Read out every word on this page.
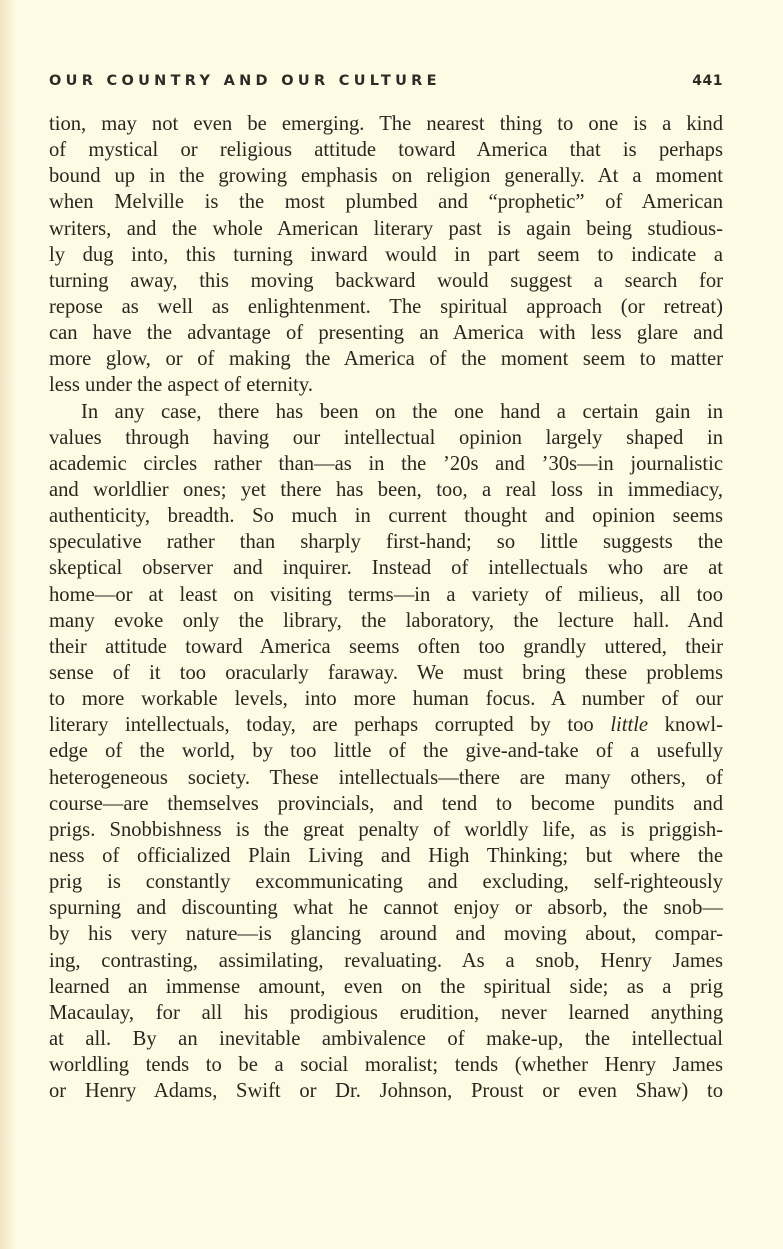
OUR COUNTRY AND OUR CULTURE	441
tion, may not even be emerging. The nearest thing to one is a kind
of mystical or religious attitude toward America that is perhaps
bound up in the growing emphasis on religion generally. At a moment
when Melville is the most plumbed and “prophetic” of American
writers, and the whole American literary past is again being studious-
ly dug into, this turning inward would in part seem to indicate a
turning away, this moving backward would suggest a search for
repose as well as enlightenment. The spiritual approach (or retreat)
can have the advantage of presenting an America with less glare and
more glow, or of making the America of the moment seem to matter
less under the aspect of eternity.
In any case, there has been on the one hand a certain gain in
values through having our intellectual opinion largely shaped in
academic circles rather than—as in the ’20s and ’30s—in journalistic
and worldlier ones; yet there has been, too, a real loss in immediacy,
authenticity, breadth. So much in current thought and opinion seems
speculative rather than sharply first-hand; so little suggests the
skeptical observer and inquirer. Instead of intellectuals who are at
home—or at least on visiting terms—in a variety of milieus, all too
many evoke only the library, the laboratory, the lecture hall. And
their attitude toward America seems often too grandly uttered, their
sense of it too oracularly faraway. We must bring these problems
to more workable levels, into more human focus. A number of our
literary intellectuals, today, are perhaps corrupted by too little knowl-
edge of the world, by too little of the give-and-take of a usefully
heterogeneous society. These intellectuals—there are many others, of
course—are themselves provincials, and tend to become pundits and
prigs. Snobbishness is the great penalty of worldly life, as is priggish-
ness of officialized Plain Living and High Thinking; but where the
prig is constantly excommunicating and excluding, self-righteously
spurning and discounting what he cannot enjoy or absorb, the snob—
by his very nature—is glancing around and moving about, compar-
ing, contrasting, assimilating, revaluating. As a snob, Henry James
learned an immense amount, even on the spiritual side; as a prig
Macaulay, for all his prodigious erudition, never learned anything
at all. By an inevitable ambivalence of make-up, the intellectual
worldling tends to be a social moralist; tends (whether Henry James
or Henry Adams, Swift or Dr. Johnson, Proust or even Shaw) to
